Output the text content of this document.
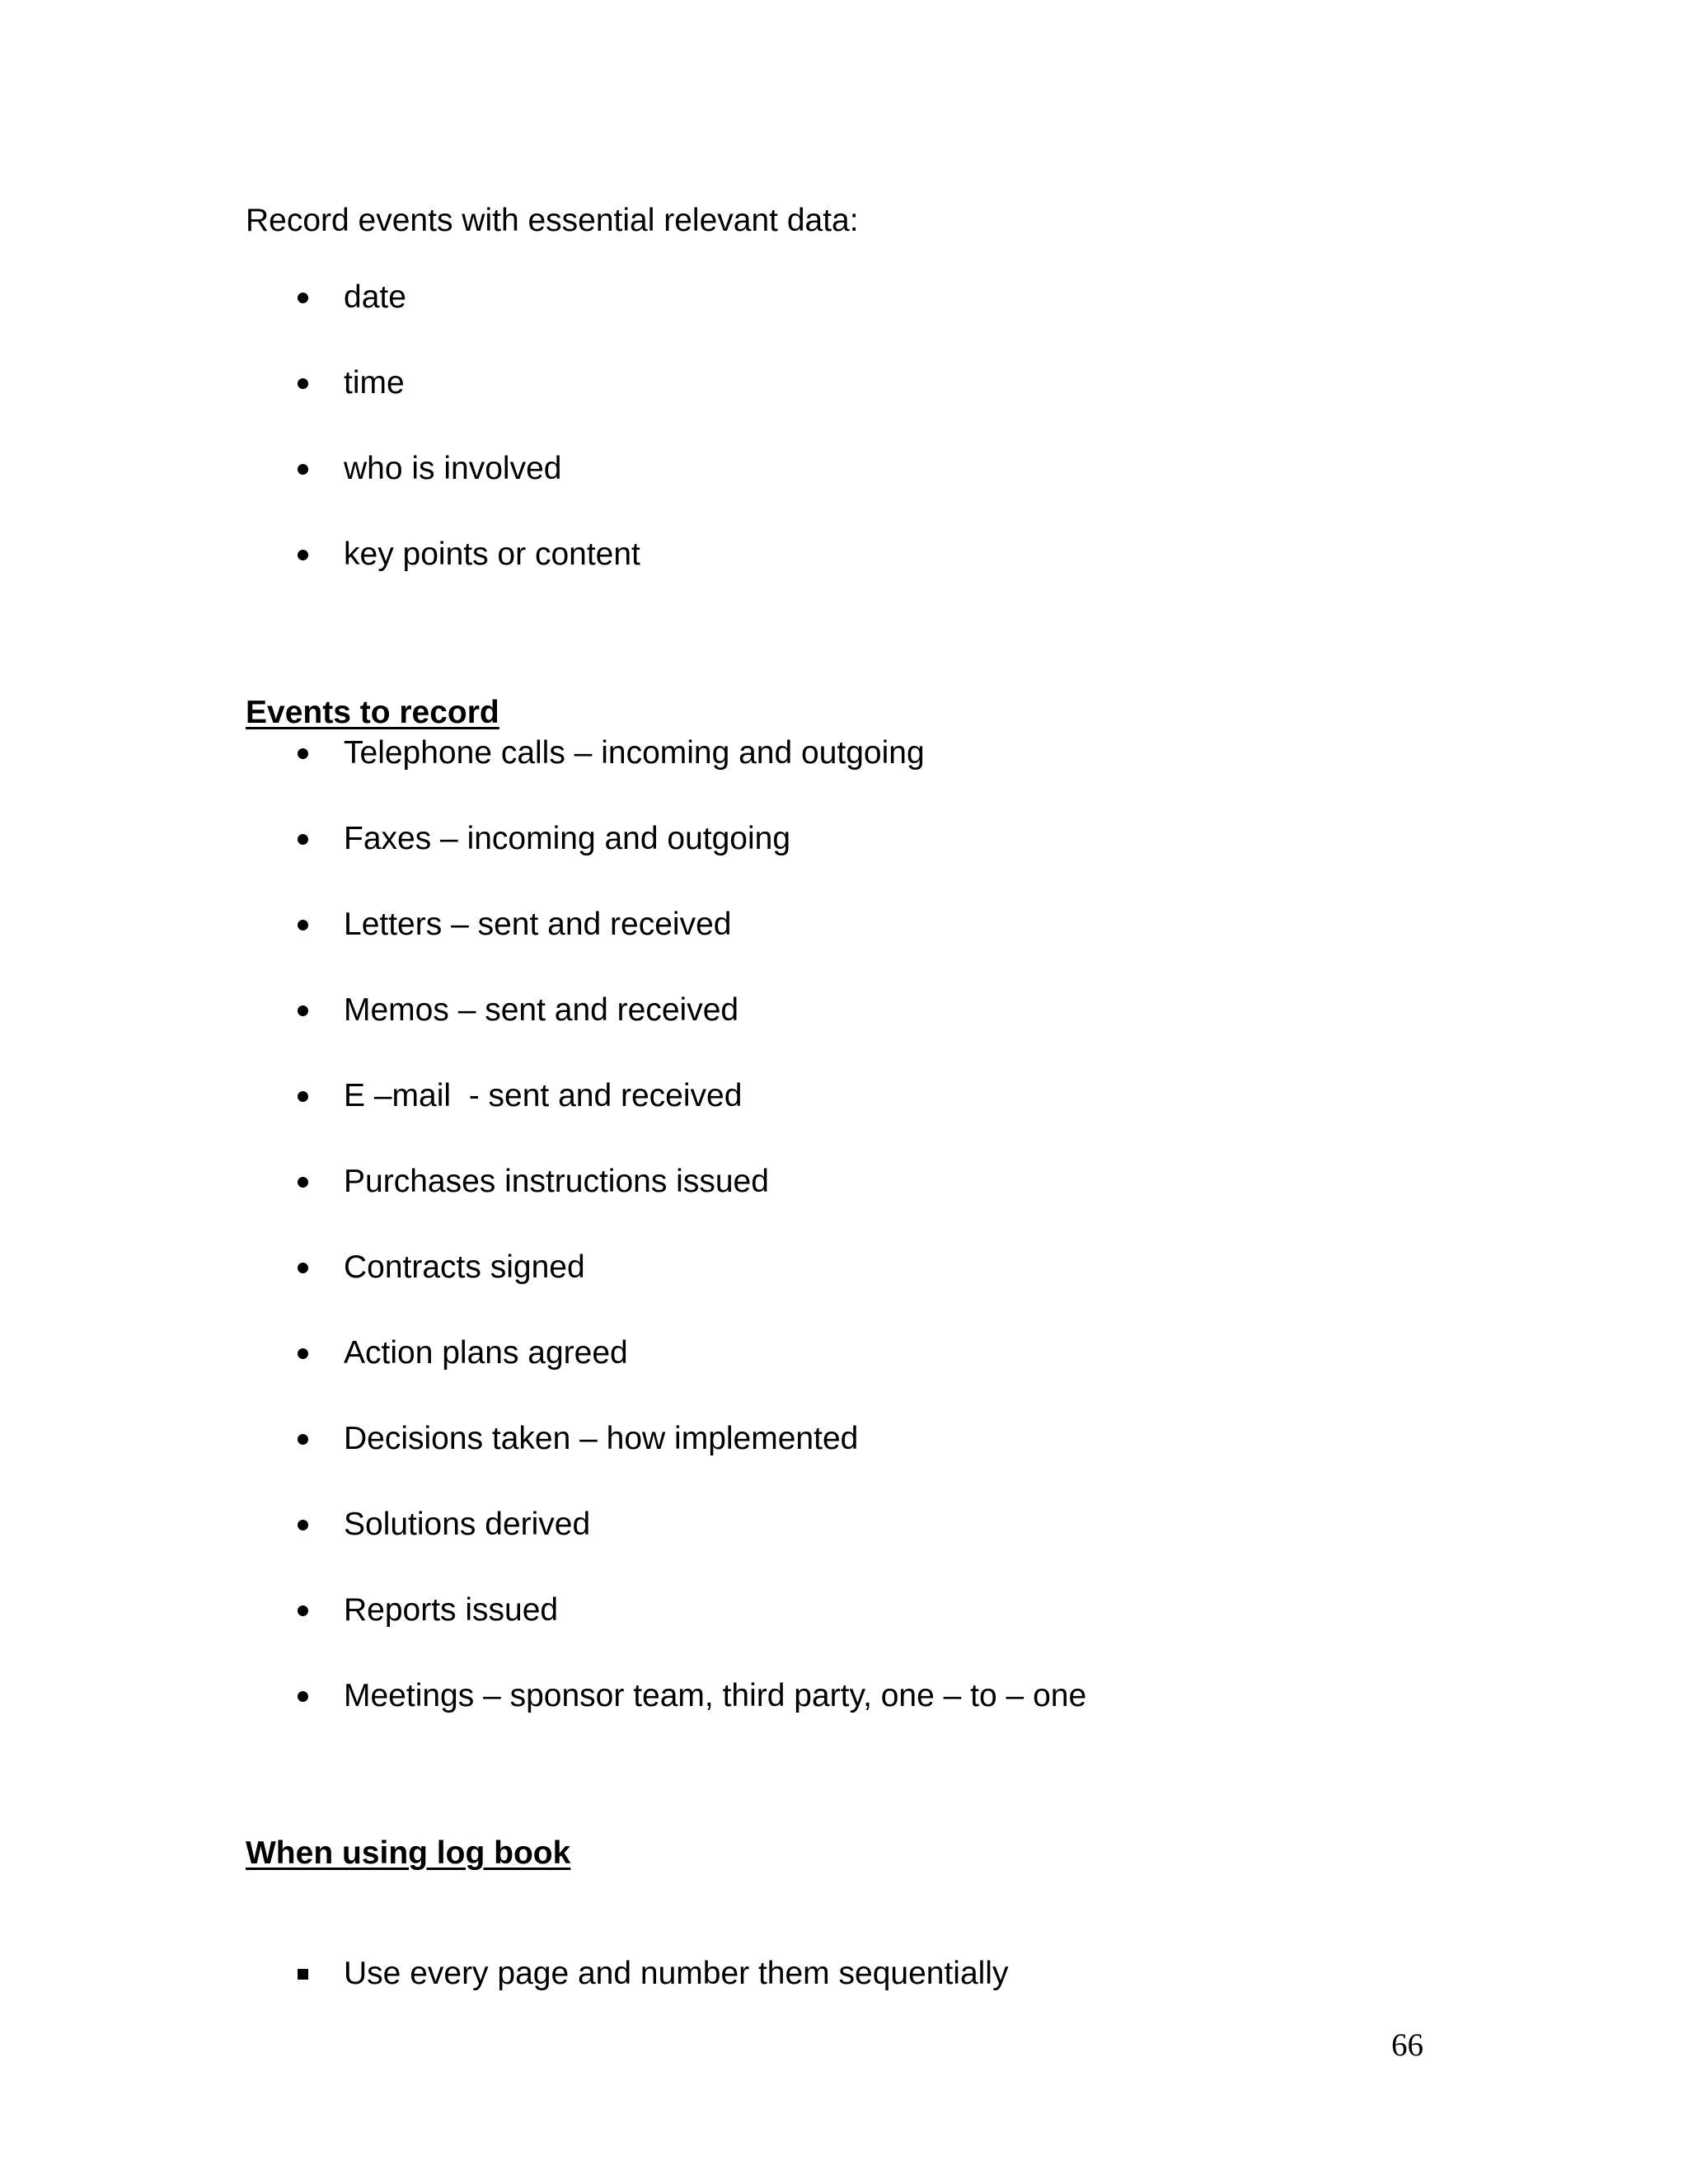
Record events with essential relevant data:
date
time
who is involved
key points or content
Events to record
Telephone calls – incoming and outgoing
Faxes – incoming and outgoing
Letters – sent and received
Memos – sent and received
E –mail  - sent and received
Purchases instructions issued
Contracts signed
Action plans agreed
Decisions taken – how implemented
Solutions derived
Reports issued
Meetings – sponsor team, third party, one – to – one
When using log book
Use every page and number them sequentially
66
